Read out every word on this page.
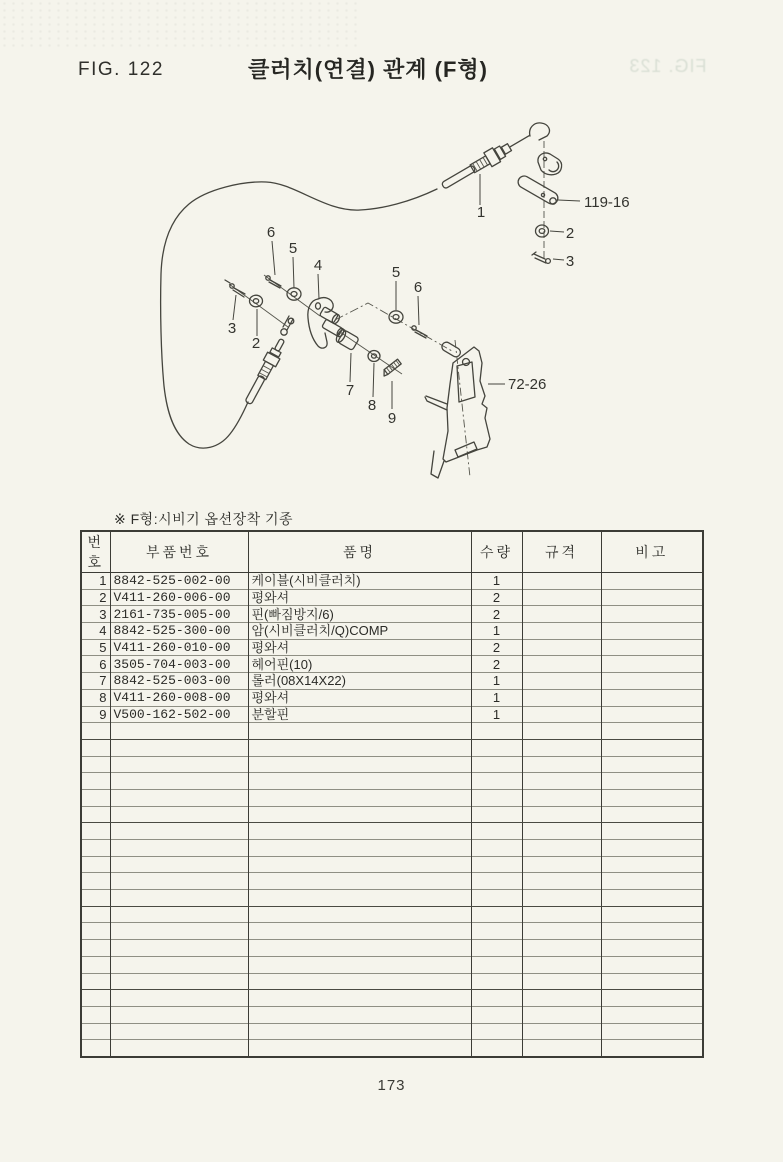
FIG. 122	클러치(연결) 관계 (F형)	FIG. 123
1
119-16
2
3
6
5
4	5
6
3
2
7
8
9
72-26
※ F형:시비기 옵션장착 기종
번호	부품번호	품명	수량	규격	비고
1	8842-525-002-00	케이블(시비클러치)	1		
2	V411-260-006-00	평와셔	2		
3	2161-735-005-00	핀(빠짐방지/6)	2		
4	8842-525-300-00	암(시비클러치/Q)COMP	1		
5	V411-260-010-00	평와셔	2		
6	3505-704-003-00	헤어핀(10)	2		
7	8842-525-003-00	롤러(08X14X22)	1		
8	V411-260-008-00	평와셔	1		
9	V500-162-502-00	분할핀	1		

173
